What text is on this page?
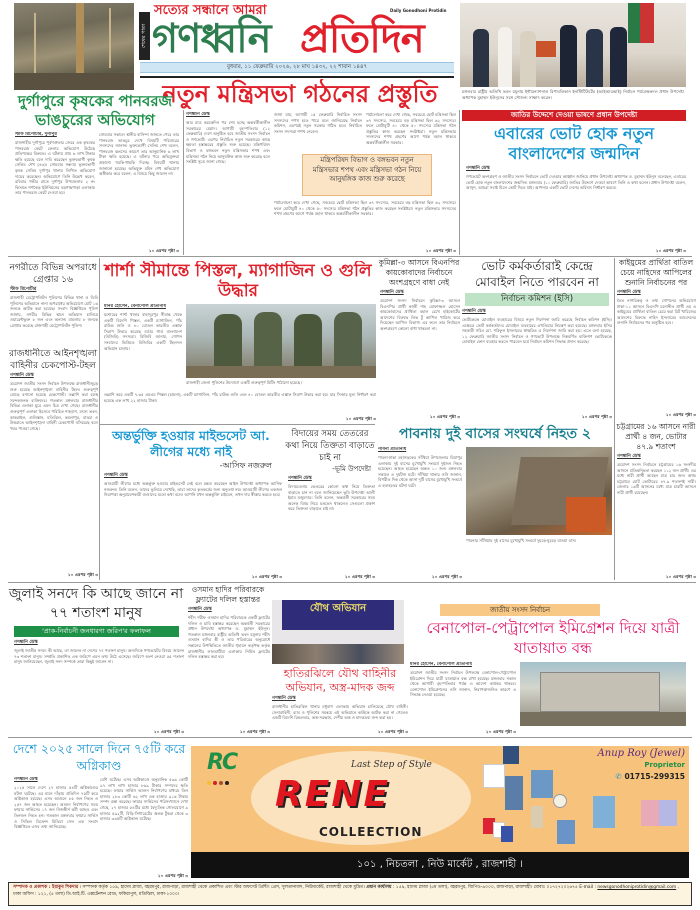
শেষের পাতা
সত্যের সন্ধানে আমরা	Daily Gonodhoni Protidin
গণধ্বনি প্রতিদিন
বুধবার, ১১ ফেব্রুয়ারি ২০২৬, ২৮ মাঘ ১৪৩২, ২২ শাবান ১৪৪৭
নতুন মন্ত্রিসভা গঠনের প্রস্তুতি
দুর্গাপুরে কৃষকের পানবরজ ভাঙচুরের অভিযোগ
স্টাফ রিপোর্টার, দুর্গাপুর
রাজশাহীর দুর্গাপুরে পূর্বশত্রুতার জেরে এক কৃষকের পানবরজ কেটে ফেলার অভিযোগ উঠেছে প্রতিপক্ষের বিরুদ্ধে। এ ঘটনায় প্রায় ৬ লাখ টাকার ক্ষতি হয়েছে বলে দাবি করেছেন ভুক্তভোগী কৃষক সেলিম শেখ (৪৩)। সোমবার সন্ধ্যায় ভুক্তভোগী কৃষক সেলিম দুর্গাপুর থানায় লিখিত অভিযোগ দায়ের করেছেন। অভিযোগে তিনি উল্লেখ করেন, রবিবার গভীর রাতে দুর্গাপুর উপজেলার ২ নং কিসমত গণকৈড় ইউনিয়নের বড়গাছপাড়া এলাকায় তার পানবরজ কেটে দেওয়া হয়।
সোমবার সকালে স্থানীয় বাসিন্দা জানতে পেরে তার পানবরজ ভাঙচুর দেখে বিষয়টি পরিবারের সদস্যদের জানান। ভুক্তভোগী সেলিম শেখ বলেন, পানবরজ ধ্বংসের কারণে তার আনুমানিক ৬ লাখ টাকা ক্ষতি হয়েছে। এ ঘটনার পরে অভিযুক্তরা প্রকাশ্যে হুমকি-ধামকি দিচ্ছে। বিষয়টি থানায় জানানো হয়েছে। অভিযুক্ত মমিন শেখ অভিযোগ অস্বীকার করে বলেন, এ বিষয়ে কিছু জানেন না।
১০ এরপর পৃষ্ঠা ৩
গণধ্বনি ডেস্ক
আর মাত্র কয়েকদিন পর শেষ হচ্ছে অন্তর্বর্তীকালীন সরকারের মেয়াদ। আগামী বৃহস্পতিবার (১২ ফেব্রুয়ারি) দেশে অনুষ্ঠিত হবে জাতীয় সংসদ নির্বাচন ও গণভোট। এরপর নির্বাচিত নতুন সরকারের কাছে ক্ষমতা হস্তান্তরের প্রস্তুতি শুরু হয়েছে। মন্ত্রিপরিষদ বিভাগ ও বঙ্গভবন নতুন মন্ত্রিসভার শপথ এবং মন্ত্রিসভা গঠন নিয়ে আনুষঙ্গিক কাজ শুরু করেছে বলে সংশ্লিষ্ট সূত্রে জানা গেছে।
জানা যায়, আগামী ১৫ ফেব্রুয়ারি নির্বাচিত সংসদ সদস্যদের শপথ হতে পারে বলে জানিয়েছে নির্বাচন কমিশন, এরপরই নতুন সরকার গঠিত হবে। নির্বাচিত সংসদ সদস্যরা শপথ নেবেন।
মন্ত্রিপরিষদ বিভাগ ও বঙ্গভবন নতুন মন্ত্রিসভার শপথ এবং মন্ত্রিসভা গঠন নিয়ে আনুষঙ্গিক কাজ শুরু করেছে
পর্যালোচনা করে দেখা গেছে, সবচেয়ে ছোট মন্ত্রিসভা ছিল ৩৭ সদস্যের, সবচেয়ে বড় মন্ত্রিসভা ছিল ৬২ সদস্যের। ফলে মোটামুটি ৪০ থেকে ৫০ সদস্যের মন্ত্রিসভা গঠন প্রস্তুতির কাজ করছেন সংশ্লিষ্টরা। নতুন মন্ত্রিসভার সদস্যদের শপথ গ্রহণের আগে পর্যন্ত বহাল থাকবে অন্তর্বর্তীকালীন সরকার।
পর্যালোচনা করে দেখা গেছে, সবচেয়ে ছোট মন্ত্রিসভা ছিল ৩৭ সদস্যের, সবচেয়ে বড় মন্ত্রিসভা ছিল ৬২ সদস্যের। ফলে মোটামুটি ৪০ থেকে ৫০ সদস্যের মন্ত্রিসভা গঠন প্রস্তুতির কাজ করছেন সংশ্লিষ্টরা। নতুন মন্ত্রিসভার সদস্যদের শপথ গ্রহণের আগে পর্যন্ত বহাল থাকবে অন্তর্বর্তীকালীন সরকার।
১০ এরপর পৃষ্ঠা ৩
মঙ্গলবার রাষ্ট্রীয় অতিথি ভবন যমুনায় ইন্টারন্যাশনাল রিপাবলিকান ইনস্টিটিউটের (আইআরআই) নির্বাচন পর্যবেক্ষকদল প্রধান উপদেষ্টা অধ্যাপক মুহাম্মদ ইউনূসের সঙ্গে সৌজন্য সাক্ষাৎ করেন।
জাতির উদ্দেশে দেওয়া ভাষণে প্রধান উপদেষ্টা
এবারের ভোট হোক নতুন বাংলাদেশের জন্মদিন
গণধ্বনি ডেস্ক
গণভোটে অংশগ্রহণ ও জাতীয় সংসদ নির্বাচনে ভোট দেওয়ার আহ্বান জানিয়ে প্রধান উপদেষ্টা অধ্যাপক ড. মুহাম্মদ ইউনূস বলেছেন, এবারের ভোট হোক নতুন বাংলাদেশের জন্মদিন। মঙ্গলবার (১০ ফেব্রুয়ারি) জাতির উদ্দেশে দেওয়া ভাষণে তিনি এ কথা বলেন। প্রধান উপদেষ্টা বলেন, আসুন, আমরা সবাই মিলে ভোট দিতে যাই। আপনার একটি ভোট দেশের ভবিষ্যৎ নির্ধারণ করবে।
১০ এরপর পৃষ্ঠা ৩
নগরীতে বিভিন্ন অপরাধে গ্রেপ্তার ১৬
স্টাফ রিপোর্টার
রাজশাহী মেট্রোপলিটন পুলিশের বিভিন্ন থানা ও ডিবি পুলিশের অভিযানে নানা অপরাধের অভিযোগে মোট ১৬ জনকে আটক করা হয়েছে। সংবাদ বিজ্ঞপ্তিতে পুলিশ জানায়, নগরীর বিভিন্ন স্থানে অভিযান চালিয়ে ওয়ারেন্টভুক্ত ৮ জন এবং অন্যান্য মামলায় ৮ জনকে গ্রেপ্তার করেছে রাজশাহী মেট্রোপলিটন পুলিশ।
রাজধানীতে আইনশৃঙ্খলা বাহিনীর চেকপোস্ট-টহল
গণধ্বনি ডেস্ক
ত্রয়োদশ জাতীয় সংসদ নির্বাচন উপলক্ষে রাজধানীজুড়ে শুরু হয়েছে আইনশৃঙ্খলা বাহিনীর টহল। গুরুত্বপূর্ণ মোড়ে বসানো হয়েছে চেকপোস্ট। তল্লাশি করা হচ্ছে সন্দেহজনক ব্যক্তিদের। গতকাল মঙ্গলবার রাজধানীর বিভিন্ন এলাকা ঘুরে এমন চিত্র দেখা গেছে। রাজধানীর গুরুত্বপূর্ণ এলাকা হিসেবে পরিচিত শাহবাগ, মৎস্য ভবন, কাকরাইল, গুলিস্তান, মতিঝিল, কমলাপুর, বাড্ডা ও উত্তরাতে আইনশৃঙ্খলা বাহিনী চেকপোস্ট বসিয়েছে বলে খবর পাওয়া গেছে।
১০ এরপর পৃষ্ঠা ৩
শার্শা সীমান্তে পিস্তল, ম্যাগাজিন ও গুলি উদ্ধার
মনির হোসেন, বেনাপোল প্রতিনিধি
যশোরের শার্শা থানার বাহাদুরপুর সীমান্ত থেকে একটি বিদেশি পিস্তল, একটি ম্যাগাজিন, পাঁচ রাউন্ড গুলি ও ৪০ বোতল ভারতীয় এস্কাফ সিরাপ উদ্ধার করেছে বর্ডার গার্ড বাংলাদেশ (বিজিবি) সদস্যরা। বিজিবি জানায়, গোপন সংবাদের ভিত্তিতে বিজিবির একটি টহলদল অভিযান চালায়।
রাজশাহী জেলা পুলিশের উদ্যোগে একটি গুরুত্বপূর্ণ মিটিং পাঠানো হয়েছে।
তল্লাশি করে একটি ৭.৬৫ এমএম পিস্তল (চায়না), একটি ম্যাগাজিন, পাঁচ রাউন্ড গুলি এবং ৪০ বোতল ভারতীয় এস্কাফ সিরাপ উদ্ধার করা হয়। যার সিজার মূল্য নির্ধারণ করা হয়েছে এক লাখ ২২ হাজার টাকা।
১০ এরপর পৃষ্ঠা ৩
কুমিল্লা-৩ আসনে বিএনপির কায়কোবাদের নির্বাচনে অংশগ্রহণে বাধা নেই
গণধ্বনি ডেস্ক
ত্রয়োদশ সংসদ নির্বাচনে কুমিল্লা-৩ আসনে বিএনপির প্রার্থী কাজী শাহ মোফাজ্জল হোসেন কায়কোবাদের প্রার্থিতা বহাল রেখে হাইকোর্টের আদেশের বিরুদ্ধে লিভ টু আপিল খারিজ করে দিয়েছেন আপিল বিভাগ। এর ফলে তার নির্বাচনে অংশগ্রহণে কোনো বাধা থাকলো না।
১০ এরপর পৃষ্ঠা ৩
ভোট কর্মকর্তারাই কেন্দ্রে মোবাইল নিতে পারবেন না
নির্বাচন কমিশন (ইসি)
গণধ্বনি ডেস্ক
ভোটকেন্দ্রে মোবাইল ব্যবহারের বিষয়ে নতুন নির্দেশনা জারি করেছে নির্বাচন কমিশন (ইসি)। এক্ষেত্রে ভোট কর্মকর্তাদের মোবাইল ব্যবহারের এখতিয়ার নিয়ন্ত্রণ করা হয়েছে। মঙ্গলবার ইসির সহকারী সচিব মো. শরিফুল ইসলামের স্বাক্ষরিত এ নির্দেশনা জারি করা হয়। এতে বলা হয়েছে, ১২ ফেব্রুয়ারি জাতীয় সংসদ নির্বাচন ও গণভোট উপলক্ষে নিম্নবর্ণিত ব্যক্তিগণ ভোটকেন্দ্রে মোবাইল ফোন ব্যবহার করতে পারবেন মর্মে নির্বাচন কমিশন সিদ্ধান্ত প্রদান করেছে।
১০ এরপর পৃষ্ঠা ৩
কাইয়ুমের প্রার্থিতা বাতিল চেয়ে নাহিদের আপিলের শুনানি নির্বাচনের পর
গণধ্বনি ডেস্ক
দ্বৈত নাগরিকত্ব ও তথ্য গোপনের অভিযোগে ঢাকা-১১ আসনে বিএনপি মনোনীত প্রার্থী এম এ কাইয়ুমের প্রার্থিতা বাতিল চেয়ে করা রিট খারিজের আদেশের বিরুদ্ধে নাহিদ ইসলামের আবেদনের শুনানি নির্বাচনের পর অনুষ্ঠিত হবে।
১০ এরপর পৃষ্ঠা ৩
অন্তর্ভুক্তি হওয়ার মাইন্ডসেট আ. লীগের মধ্যে নাই
-আসিফ নজরুল
গণধ্বনি ডেস্ক
আওয়ামী লীগের মধ্যে অন্তর্ভুক্ত হওয়ার মাইন্ডসেট নেই বলে মন্তব্য করেছেন আইন উপদেষ্টা অধ্যাপক আসিফ নজরুল। তিনি বলেন, তাদের ভুলিয়ে দেখেছি, তারা তাদের কৃতকর্মের জন্য অনুতপ্ত নয়। আওয়ামী লীগের একজন নিরাপত্তা অনুপ্রবেশকারী গুণ্ডাদের মতো কথা বলে। আপনি যখন অন্তর্ভুক্তি চাইবেন, তখন দায় স্বীকার করতে হবে।
১০ এরপর পৃষ্ঠা ৩
বিদায়ের সময় তেতরের কথা নিয়ে তিক্ততা বাড়াতে চাই না
-ভূমি উপদেষ্টা
গণধ্বনি ডেস্ক
বিদায়বেলায় ভেতরের কোনো কথা নিয়ে তিক্ততা বাড়াতে চান না বলে জানিয়েছেন ভূমি উপদেষ্টা আলী ইমাম মজুমদার। তিনি বলেন, অন্তর্বর্তী সরকারের সময় অনেক বিষয় নিয়ে মতভেদ থাকলেও সেগুলো প্রকাশ করে তিক্ততা বাড়াতে চাই না।
১০ এরপর পৃষ্ঠা ৩
পাবনায় দুই বাসের সংঘর্ষে নিহত ২
পাবনা প্রতিনিধি
পাবনা-ঢাকা মহাসড়কের সাঁথিয়া উপজেলার মিয়াপুর এলাকায় দুই বাসের মুখোমুখি সংঘর্ষে দুইজন নিহত হয়েছেন। আহত হয়েছেন অন্তত ১০ জন। মঙ্গলবার সকালে এ দুর্ঘটনা ঘটে। সাঁথিয়া থানার ওসি জানান, বিপরীত দিক থেকে আসা দুটি বাসের মুখোমুখি সংঘর্ষে এ হতাহতের ঘটনা ঘটে।
১০ এরপর পৃষ্ঠা ৩
পাবনার সাঁথিয়ায় দুই বাসের মুখোমুখি সংঘর্ষে দুমড়ে-মুচড়ে যাওয়া বাস।
চট্টগ্রামের ১৬ আসনে নারী প্রার্থী ৪ জন, ভোটার ৪৭.৯ শতাংশ
গণধ্বনি ডেস্ক
ত্রয়োদশ সংসদ নির্বাচনে চট্টগ্রামের ১৬ সংসদীয় আসনে প্রতিদ্বন্দ্বিতা করছেন ১১২ জন প্রার্থী। এর মধ্যে নারী প্রার্থী আছেন মাত্র চার জন। অথচ চট্টগ্রামে মোট ভোটারের ৪৭.৯ শতাংশই নারী। জেলার ১৬টি আসনের মধ্যে মাত্র চারটি আসনে নারী প্রার্থী রয়েছেন।
১০ এরপর পৃষ্ঠা ৩
জুলাই সনদে কি আছে জানে না ৭৭ শতাংশ মানুষ
'প্রাক-নির্বাচনী জনধারণা জরিপ'র ফলাফল
গণধ্বনি ডেস্ক
জুলাই জাতীয় সনদে কী আছে, তা জানেন না দেশের ৭৭ শতাংশ মানুষ। অন্যদিকে গণভোটের বিষয়ে জানেন ৭৩ শতাংশ মানুষ। সম্প্রতি প্রকাশিত এক জরিপে এমন তথ্য উঠে এসেছে। জরিপে অংশ নেওয়া ৫৫ শতাংশ মানুষ জানিয়েছেন, জুলাই সনদ সম্পর্কে তারা কিছুই জানেন না।
১০ এরপর পৃষ্ঠা ৩
ওসমান হাদির পরিবারকে ফ্ল্যাটের দলিল হস্তান্তর
গণধ্বনি ডেস্ক
শহীদ শরীফ ওসমান হাদির পরিবারকে একটি ফ্ল্যাটের দলিল ও চাবি হস্তান্তর করেছেন অন্তর্বর্তী সরকারের প্রধান উপদেষ্টা অধ্যাপক ড. মুহাম্মদ ইউনূস। গতকাল মঙ্গলবার রাষ্ট্রীয় অতিথি ভবন যমুনায় শহীদ ওসমান হাদির স্ত্রী ও তার পরিবারের অনুরোধে সন্তানের উপস্থিতিতে জাতীয় গৃহায়ন কর্তৃপক্ষ কর্তৃক রাজধানীর লালমাটিয়া এলাকায় নির্মিত ফ্ল্যাটের দলিল হস্তান্তর করা হয়।
১০ এরপর পৃষ্ঠা ৩
যৌথ অভিযান
হাতিরঝিলে যৌথ বাহিনীর অভিযান, অস্ত্র-মাদক জব্দ
গণধ্বনি ডেস্ক
রাজধানীর হাতিরঝিল থানার মধুবাগ এলাকায় অভিযান চালিয়েছে যৌথ বাহিনী। সেনাবাহিনী, র‍্যাব ও পুলিশের সমন্বয়ে এই অভিযানে কাউকে আটক করা না গেলেও একটি বিদেশি রিভলবার, অস্ত্র-সরঞ্জাম, দেশীয় অস্ত্র ও মাদকদ্রব্য জব্দ করা হয়।
১০ এরপর পৃষ্ঠা ৩
জাতীয় সংসদ নির্বাচন
বেনাপোল-পেট্রাপোল ইমিগ্রেশন দিয়ে যাত্রী যাতায়াত বন্ধ
মনির হোসেন, বেনাপোল প্রতিনিধি
ত্রয়োদশ জাতীয় সংসদ নির্বাচন উপলক্ষে বেনাপোল-পেট্রাপোল ইমিগ্রেশন দিয়ে যাত্রী যাতায়াত বন্ধ রাখা হয়েছে। মঙ্গলবার সকাল থেকে আগামী বৃহস্পতিবার পর্যন্ত এ আদেশ কার্যকর থাকবে। বেনাপোল ইমিগ্রেশনের ওসি জানান, নিরাপত্তাজনিত কারণে এ সিদ্ধান্ত নেওয়া হয়েছে।
১০ এরপর পৃষ্ঠা ৩
দেশে ২০২৫ সালে দিনে ৭৫টি করে অগ্নিকাণ্ড
গণধ্বনি ডেস্ক
২০২৫ সালে দেশে ২৭ হাজার ৫৪টি অগ্নিকাণ্ডের ঘটনা ঘটেছে। এর মানে দাঁড়ায় প্রতিদিন ৭৫টি করে অগ্নিকাণ্ড হয়েছে। এসব আগুনে ৮৫ জন নিহত ও ২৫৭ জন আহত হয়েছেন। আগুন নির্বাপণের সময় ফায়ার সার্ভিসের ১৭ জন নিজস্বীর্স কর্মী আহত এবং তিনজন নিহত হন। গতকাল মঙ্গলবার ফায়ার সার্ভিস ও সিভিল ডিফেন্স মিডিয়া সেল এক সংবাদ বিজ্ঞপ্তিতে এসব তথ্য জানিয়েছে।
বেশি ঘটেছে। এসব অগ্নিকাণ্ডে অনুমানিক ৫৩৯ কোটি ৯৭ লাখ লাখ হাজার ৮৬৯ টাকার সম্পদের ক্ষতি হয়েছে। ফায়ার সার্ভিস আগুন নির্বাপণের মাধ্যমে তিন হাজার ২৮৩ কোটি ৬২ লাখ এক হাজার ৯১৬ টাকার সম্পদ রক্ষা করেছে। ফায়ার সার্ভিসের পরিসংখ্যানে দেখা গেছে, ২৭ হাজার ৫৪টির মধ্যে বৈদ্যুতিক গোলযোগে ৯ হাজার ৫৯২টি, বিড়ি-সিগারেটের জ্বলন্ত টুকরা থেকে ৩ হাজার ৩৩৫টি অগ্নিকাণ্ড ঘটেছে।
১০ এরপর পৃষ্ঠা ৩
RC	Last Step of Style
RENE
COLLEECTION
Anup Roy (Jewel)
Proprietor
✆ 01715-299315
১০১ , নিচতলা , নিউ মার্কেট , রাজশাহী ।
সম্পাদক ও প্রকাশক : ইয়াকুব শিকদার । সম্পাদক কর্তৃক ১৫৯, হাদেম প্লাজা, বহরমপুর, রাজপাড়া, রাজশাহী থেকে প্রকাশিত এবং স্টার অফসেট প্রিন্টিং প্রেস, সুলতানাবাদ, নিউমার্কেট, রাজশাহী থেকে মুদ্রিত। প্রধান কার্যালয় : ১৫৯, হাদেম প্লাজা (৫ম তলা), বহরমপুর, জিপিও-৬০০০, রাজপাড়া, রাজশাহী। মোবাঃ ০১৭২৭২০২৬৭৫ E-mail : newsgonodhoniprotidin@gmail.com , ঢাকা অফিস : ১২১, (৫ তলা) ডি.আই.টি. এক্সটেনশন রোড, ফকিরাপুল, মতিঝিল, ঢাকা-১০০০।
